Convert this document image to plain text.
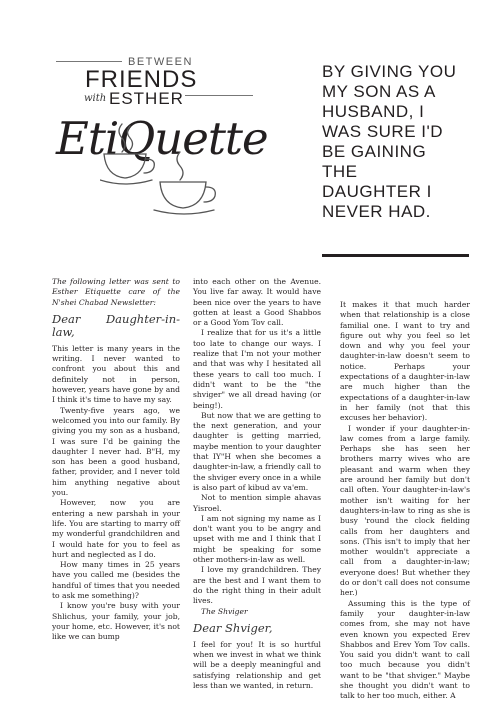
BETWEEN
FRIENDS
with ESTHER
EtiQuette
BY GIVING YOU MY SON AS A HUSBAND, I WAS SURE I'D BE GAINING THE DAUGHTER I NEVER HAD.

The following letter was sent to Esther Etiquette care of the N'shei Chabad Newsletter:

Dear Daughter-in-law,

This letter is many years in the writing. I never wanted to confront you about this and definitely not in person, however, years have gone by and I think it's time to have my say.

Twenty-five years ago, we welcomed you into our family. By giving you my son as a husband, I was sure I'd be gaining the daughter I never had. B"H, my son has been a good husband, father, provider, and I never told him anything negative about you.

However, now you are entering a new parshah in your life. You are starting to marry off my wonderful grandchildren and I would hate for you to feel as hurt and neglected as I do.

How many times in 25 years have you called me (besides the handful of times that you needed to ask me something)?

I know you're busy with your Shlichus, your family, your job, your home, etc. However, it's not like we can bump

into each other on the Avenue. You live far away. It would have been nice over the years to have gotten at least a Good Shabbos or a Good Yom Tov call.

I realize that for us it's a little too late to change our ways. I realize that I'm not your mother and that was why I hesitated all these years to call too much. I didn't want to be the "the shviger" we all dread having (or being!).

But now that we are getting to the next generation, and your daughter is getting married, maybe mention to your daughter that IY"H when she becomes a daughter-in-law, a friendly call to the shviger every once in a while is also part of kibud av va'em.

Not to mention simple ahavas Yisroel.

I am not signing my name as I don't want you to be angry and upset with me and I think that I might be speaking for some other mothers-in-law as well.

I love my grandchildren. They are the best and I want them to do the right thing in their adult lives.

The Shviger

Dear Shviger,

I feel for you! It is so hurtful when we invest in what we think will be a deeply meaningful and satisfying relationship and get less than we wanted, in return.

It makes it that much harder when that relationship is a close familial one. I want to try and figure out why you feel so let down and why you feel your daughter-in-law doesn't seem to notice. Perhaps your expectations of a daughter-in-law are much higher than the expectations of a daughter-in-law in her family (not that this excuses her behavior).

I wonder if your daughter-in-law comes from a large family. Perhaps she has seen her brothers marry wives who are pleasant and warm when they are around her family but don't call often. Your daughter-in-law's mother isn't waiting for her daughters-in-law to ring as she is busy 'round the clock fielding calls from her daughters and sons. (This isn't to imply that her mother wouldn't appreciate a call from a daughter-in-law; everyone does! But whether they do or don't call does not consume her.)

Assuming this is the type of family your daughter-in-law comes from, she may not have even known you expected Erev Shabbos and Erev Yom Tov calls. You said you didn't want to call too much because you didn't want to be "that shviger." Maybe she thought you didn't want to talk to her too much, either. A
